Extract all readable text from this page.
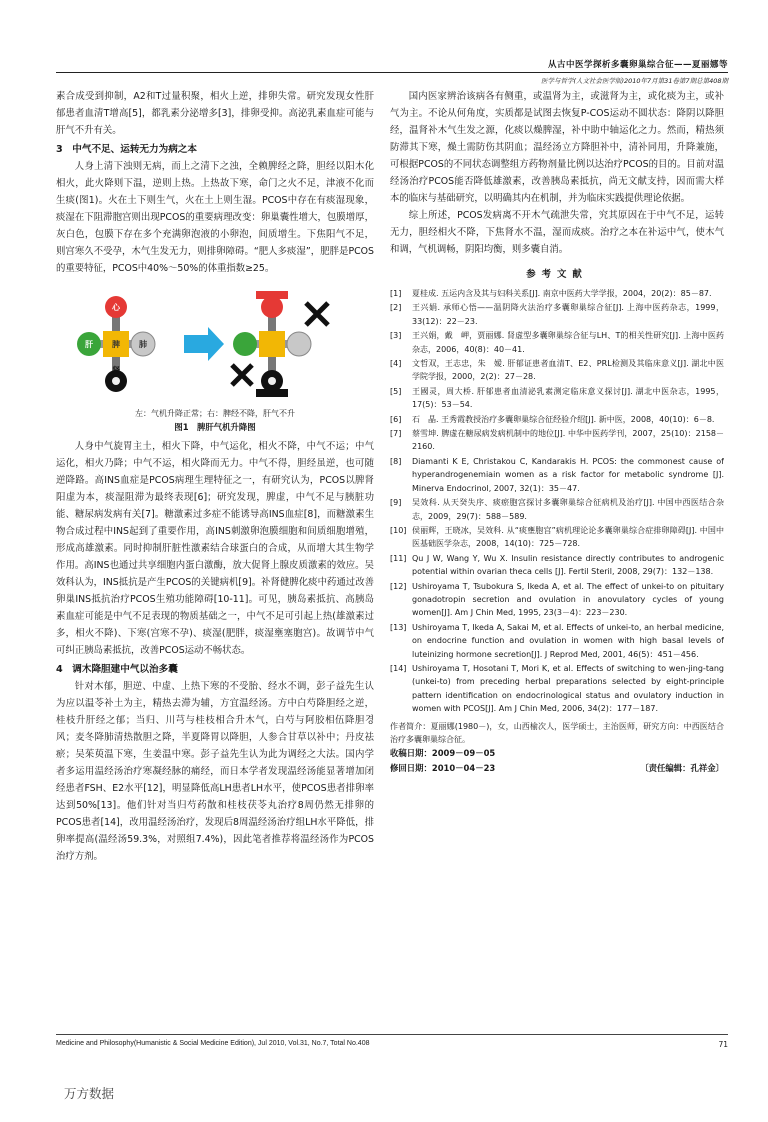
从古中医学探析多囊卵巢综合征——夏丽娜等
医学与哲学(人文社会医学版)2010年7月第31卷第7期总第408期

素合成受到抑制，A2和T过量积聚，相火上逆，排卵失常。研究发现女性肝郁患者血清T增高[5]，都乳素分泌增多[3]，排卵受抑。高泌乳素血症可能与肝气不升有关。

3　中气不足、运转无力为病之本

人身上清下浊则无病，而上之清下之浊，全赖脾经之降，胆经以阳木化相火，此火降则下温，逆则上热。上热故下寒，命门之火不足，津液不化而生痰(图1)。火在土下则生气，火在土上则生湿。PCOS中存在有痰湿现象，痰湿在下阻滞胞宫则出现PCOS的重要病理改变：卵巢囊性增大，包膜增厚，灰白色，包膜下存在多个充满卵泡液的小卵泡，间质增生。下焦阳气不足，则宫寒久不受孕，木气生发无力，则排卵障碍。“肥人多痰湿”，肥胖是PCOS的重要特征，PCOS中40%～50%的体重指数≥25。

心
肝 脾 肺
肾
左：气机升降正常；右：脾经不降，肝气不升
图1　脾肝气机升降图

人身中气旋胃主土，相火下降，中气运化，相火不降，中气不运；中气运化，相火乃降；中气不运，相火降而无力。中气不得，胆经虽逆，也可随逆降路。高INS血症是PCOS病理生理特征之一，有研究认为，PCOS以脾肾阳虚为本，痰湿阻滞为最终表现[6]；研究发现，脾虚，中气不足与胰脏功能、糖尿病发病有关[7]。糖激素过多症不能诱导高INS血症[8]，而糖激素生物合成过程中INS起到了重要作用，高INS刺激卵泡膜细胞和间质细胞增殖，形成高雄激素。同时抑制肝脏性激素结合球蛋白的合成，从而增大其生物学作用。高INS也通过共享细胞内蛋白激酶，放大促肾上腺皮质激素的效应。吴效科认为，INS抵抗是产生PCOS的关键病机[9]。补肾健脾化痰中药通过改善卵巢INS抵抗治疗PCOS生殖功能障碍[10-11]。可见，胰岛素抵抗、高胰岛素血症可能是中气不足表现的物质基础之一，中气不足可引起上热(雄激素过多，相火不降)、下寒(宫寒不孕)、痰湿(肥胖，痰湿壅塞胞宫)。故调节中气可纠正胰岛素抵抗，改善PCOS运动不畅状态。

4　调木降胆建中气以治多囊

针对木郁，胆逆、中虚、上热下寒的不受胎、经水不调，彭子益先生认为应以温苓补土为主，精热去滞为辅，方宜温经汤。方中白芍降胆经之逆，桂枝升肝经之郁；当归、川芎与桂枝相合升木气，白芍与阿胶相伍降胆경风；麦冬降肺清热散胆之降，半夏降胃以降胆，人参合甘草以补中；丹皮祛瘀；吴茱萸温下寒，生姜温中寒。彭子益先生认为此为调经之大法。国内学者多运用温经汤治疗寒凝经脉的痛经，而日本学者发现温经汤能显著增加闭经患者FSH、E2水平[12]，明显降低高LH患者LH水平，使PCOS患者排卵率达到50%[13]。他们针对当归芍药散和桂枝茯苓丸治疗8周仍然无排卵的PCOS患者[14]，改用温经汤治疗，发现后8周温经汤治疗组LH水平降低，排卵率提高(温经汤59.3%，对照组7.4%)，因此笔者推荐将温经汤作为PCOS治疗方剂。

国内医家辨治该病各有侧重，或温肾为主，或滋肾为主，或化痰为主，或补气为主。不论从何角度，实质都是试图去恢复P-COS运动不圆状态：降阴以降胆经，温肾补木气生发之源，化痰以燥脾湿，补中助中轴运化之力。然而，精热须防滞其下寒，燥土需防伤其阴血；温经汤立方降胆补中，清补同用，升降兼施，可根据PCOS的不同状态调整组方药物剂量比例以达治疗PCOS的目的。目前对温经汤治疗PCOS能否降低雄激素，改善胰岛素抵抗，尚无文献支持，因而需大样本的临床与基础研究，以明确其内在机制，并为临床实践提供理论依据。

综上所述，PCOS发病离不开木气疏泄失常，究其原因在于中气不足，运转无力，胆经相火不降，下焦肾水不温，湿而成痰。治疗之本在补运中气，使木气和调，气机调畅，阴阳均衡，则多囊自消。

参考文献
[1]	夏桂成. 五运内含及其与妇科关系[J]. 南京中医药大学学报，2004，20(2)：85－87.
[2]	王兴娟. 承师心悟——温阴降火法治疗多囊卵巢综合征[J]. 上海中医药杂志，1999，33(12)：22－23.
[3]	王兴娟，戴　岬，贾丽娜. 肾虚型多囊卵巢综合征与LH、T的相关性研究[J]. 上海中医药杂志，2006，40(8)：40－41.
[4]	文哲双，王志忠，朱　嫒. 肝郁证患者血清T、E2、PRL检测及其临床意义[J]. 湖北中医学院学报，2000，2(2)：27－28.
[5]	王國灵，周大桥. 肝郁患者血清泌乳素测定临床意义探讨[J]. 湖北中医杂志，1995，17(5)：53－54.
[6]	石　晶. 王秀霞教授治疗多囊卵巢综合征经验介绍[J]. 新中医，2008，40(10)：6－8.
[7]	蔡雪坤. 脾虚在糖尿病发病机制中的地位[J]. 中华中医药学刊，2007，25(10)：2158－2160.
[8]	Diamanti K E, Christakou C, Kandarakis H. PCOS: the commonest cause of hyperandrogenemiain women as a risk factor for metabolic syndrome [J]. Minerva Endocrinol, 2007, 32(1)：35－47.
[9]	吴效科. 从天癸失序、痰瘀胞宫探讨多囊卵巢综合征病机及治疗[J]. 中国中西医结合杂志，2009，29(7)：588－589.
[10] 侯丽辉，王晓冰，吴效科. 从“痰壅胞宫”病机理论论多囊卵巢综合症排卵障碍[J]. 中国中医基础医学杂志，2008，14(10)：725－728.
[11] Qu J W, Wang Y, Wu X. Insulin resistance directly contributes to androgenic potential within ovarian theca cells [J]. Fertil Steril, 2008, 29(7)：132－138.
[12] Ushiroyama T, Tsubokura S, Ikeda A, et al. The effect of unkei-to on pituitary gonadotropin secretion and ovulation in anovulatory cycles of young women[J]. Am J Chin Med, 1995, 23(3－4)：223－230.
[13] Ushiroyama T, Ikeda A, Sakai M, et al. Effects of unkei-to, an herbal medicine, on endocrine function and ovulation in women with high basal levels of luteinizing hormone secretion[J]. J Reprod Med, 2001, 46(5)：451－456.
[14] Ushiroyama T, Hosotani T, Mori K, et al. Effects of switching to wen-jing-tang (unkei-to) from preceding herbal preparations selected by eight-principle pattern identification on endocrinological status and ovulatory induction in women with PCOS[J]. Am J Chin Med, 2006, 34(2)：177－187.
作者简介：夏丽娜(1980－)，女，山西榆次人，医学硕士，主治医师，研究方向：中西医结合治疗多囊卵巢综合征。
收稿日期：2009－09－05
修回日期：2010－04－23	〔责任编辑：孔祥金〕
Medicine and Philosophy(Humanistic & Social Medicine Edition), Jul 2010, Vol.31, No.7, Total No.408	71
万方数据
